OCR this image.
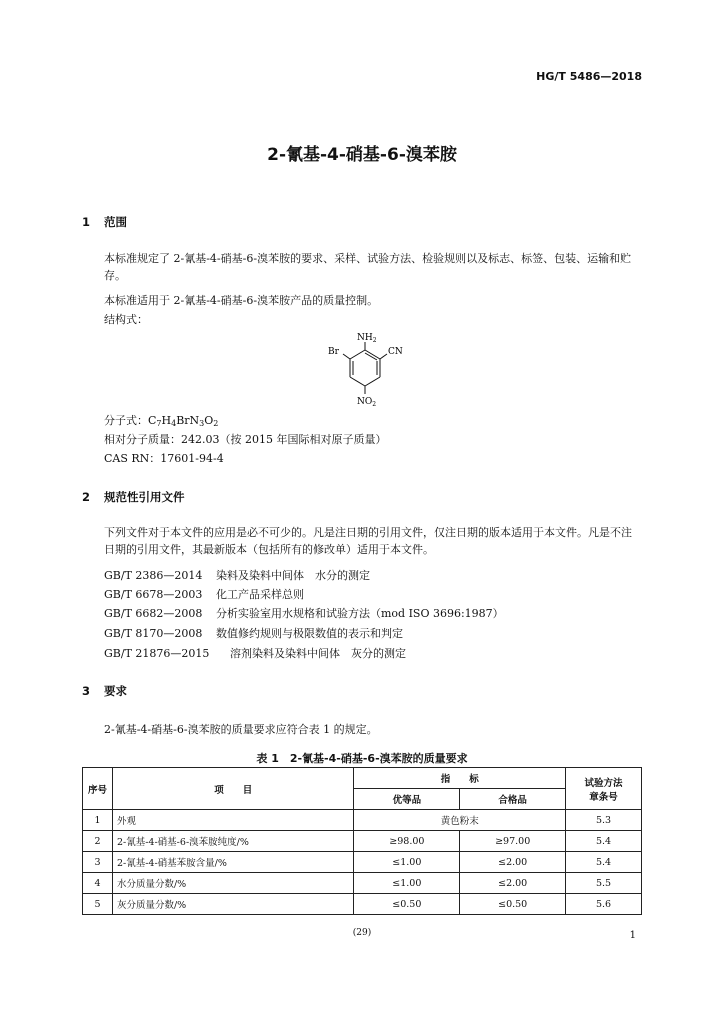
HG/T 5486—2018
2-氰基-4-硝基-6-溴苯胺
1 范围
本标准规定了 2-氰基-4-硝基-6-溴苯胺的要求、采样、试验方法、检验规则以及标志、标签、包装、运输和贮存。
本标准适用于 2-氰基-4-硝基-6-溴苯胺产品的质量控制。
结构式：
$NH_2$
Br	CN
$NO_2$
分子式：$C_7H_4BrN_3O_2$
相对分子质量：242.03（按 2015 年国际相对原子质量）
CAS RN：17601-94-4
2 规范性引用文件
下列文件对于本文件的应用是必不可少的。凡是注日期的引用文件，仅注日期的版本适用于本文件。凡是不注日期的引用文件，其最新版本（包括所有的修改单）适用于本文件。
GB/T 2386—2014 染料及染料中间体　水分的测定
GB/T 6678—2003 化工产品采样总则
GB/T 6682—2008 分析实验室用水规格和试验方法（mod ISO 3696:1987）
GB/T 8170—2008 数值修约规则与极限数值的表示和判定
GB/T 21876—2015 溶剂染料及染料中间体　灰分的测定
3 要求
2-氰基-4-硝基-6-溴苯胺的质量要求应符合表 1 的规定。
表 1　2-氰基-4-硝基-6-溴苯胺的质量要求
序号	项　　目	指　　标		试验方法
章条号

		优等品	合格品	
1	外观	黄色粉末		5.3
2	2-氰基-4-硝基-6-溴苯胺纯度/%	≥98.00	≥97.00	5.4
3	2-氰基-4-硝基苯胺含量/%	≤1.00	≤2.00	5.4
4	水分质量分数/%	≤1.00	≤2.00	5.5
5	灰分质量分数/%	≤0.50	≤0.50	5.6
(29)	1
